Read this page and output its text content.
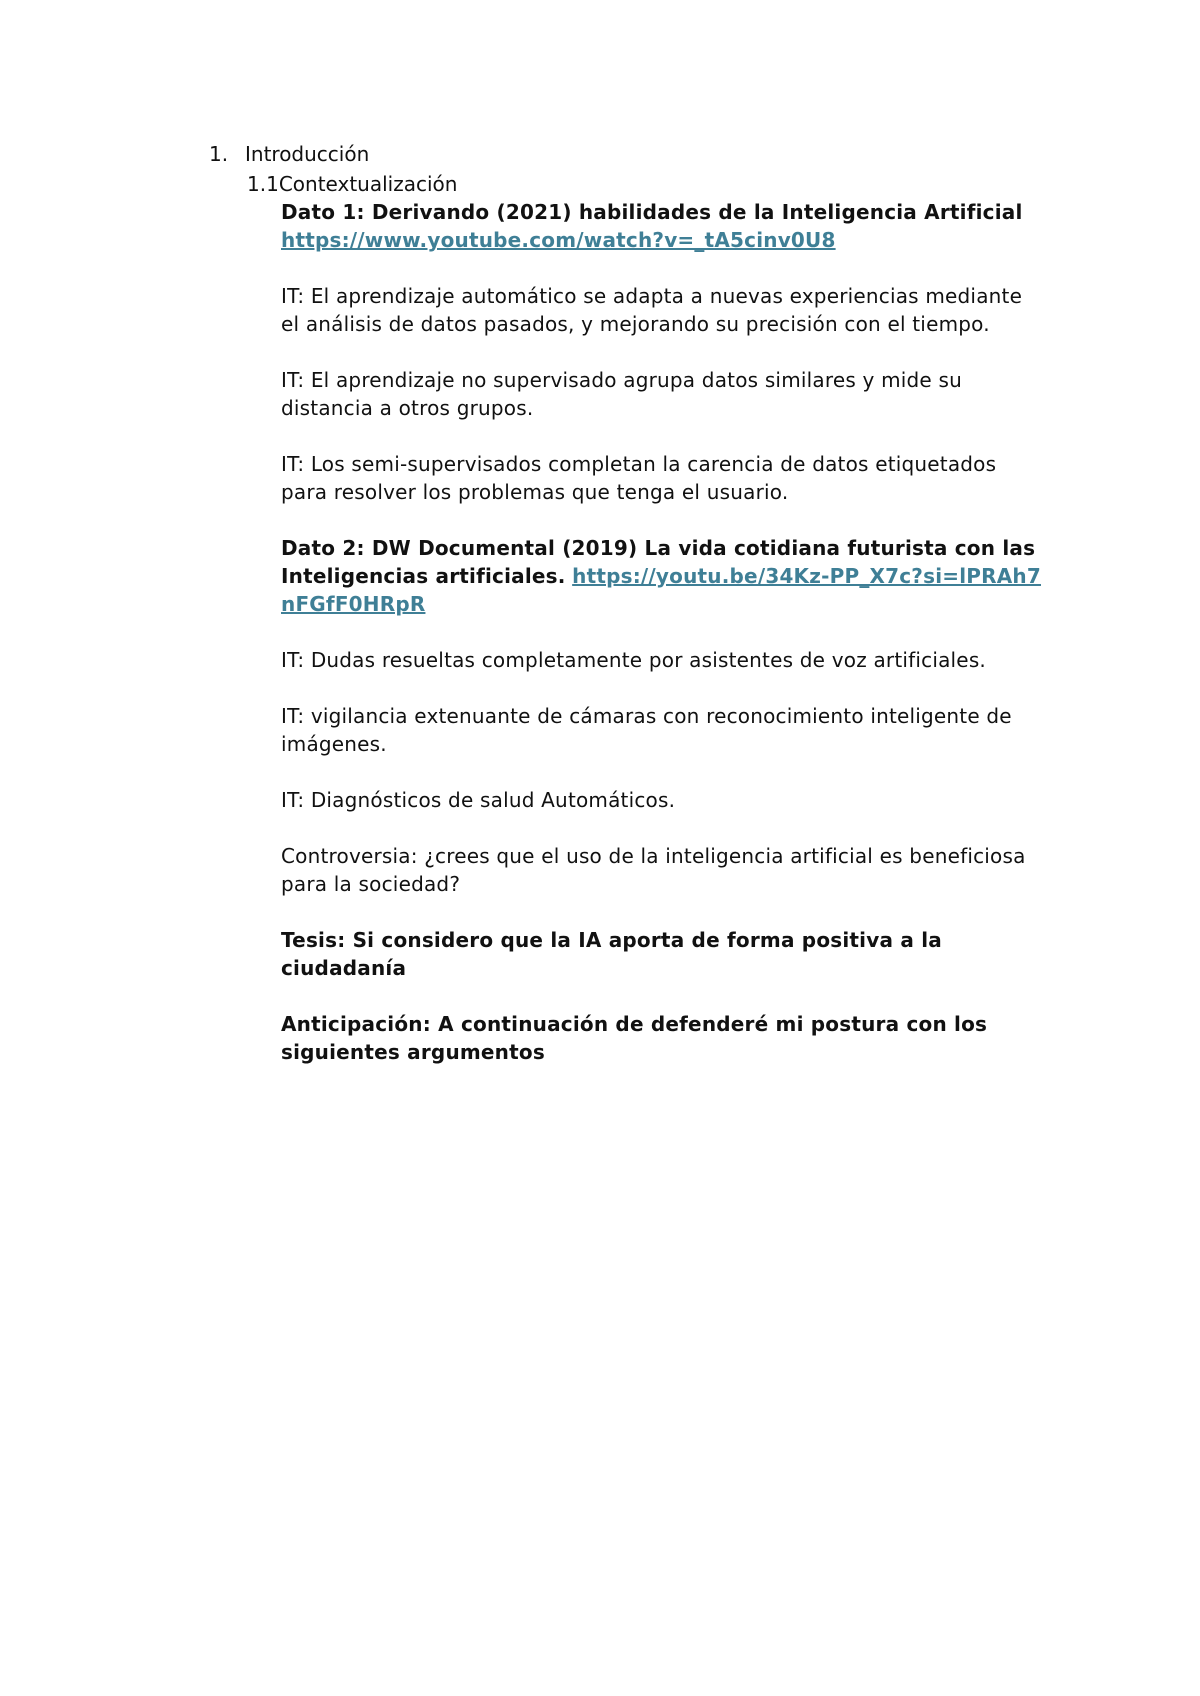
1. Introducción
1.1Contextualización

Dato 1: Derivando (2021) habilidades de la Inteligencia Artificial https://www.youtube.com/watch?v=_tA5cinv0U8

IT: El aprendizaje automático se adapta a nuevas experiencias mediante el análisis de datos pasados, y mejorando su precisión con el tiempo.

IT: El aprendizaje no supervisado agrupa datos similares y mide su distancia a otros grupos.

IT: Los semi-supervisados completan la carencia de datos etiquetados para resolver los problemas que tenga el usuario.

Dato 2: DW Documental (2019) La vida cotidiana futurista con las Inteligencias artificiales. https://youtu.be/34Kz-PP_X7c?si=lPRAh7nFGfF0HRpR

IT: Dudas resueltas completamente por asistentes de voz artificiales.

IT: vigilancia extenuante de cámaras con reconocimiento inteligente de imágenes.

IT: Diagnósticos de salud Automáticos.

Controversia: ¿crees que el uso de la inteligencia artificial es beneficiosa para la sociedad?

Tesis: Si considero que la IA aporta de forma positiva a la ciudadanía

Anticipación: A continuación de defenderé mi postura con los siguientes argumentos
